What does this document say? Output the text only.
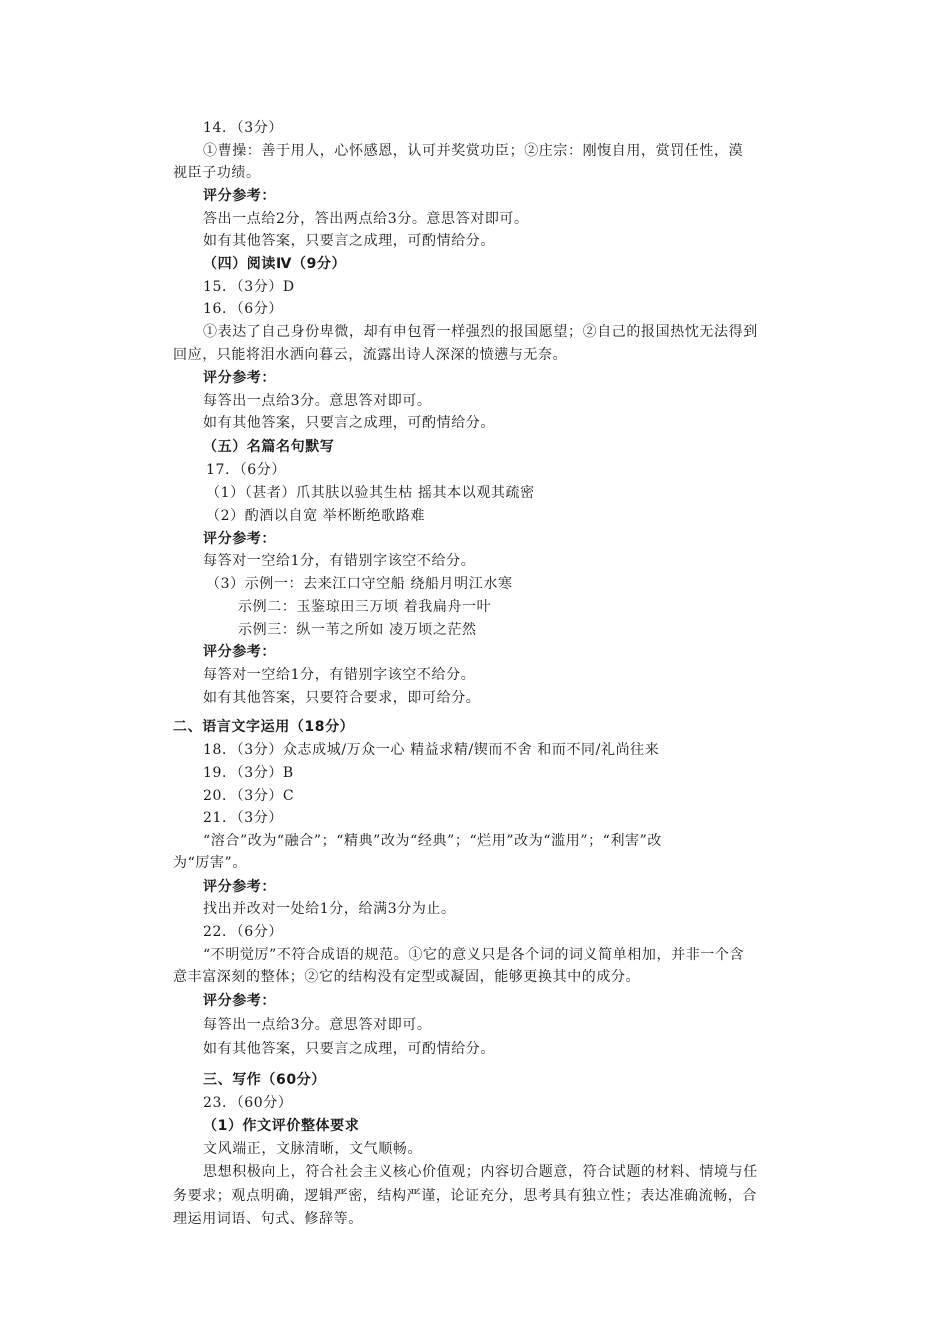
14．（3分）

①曹操：善于用人，心怀感恩，认可并奖赏功臣；②庄宗：刚愎自用，赏罚任性，漠

视臣子功绩。

评分参考：

答出一点给2分，答出两点给3分。意思答对即可。

如有其他答案，只要言之成理，可酌情给分。

（四）阅读Ⅳ（9分）

15．（3分）D

16．（6分）

①表达了自己身份卑微，却有申包胥一样强烈的报国愿望；②自己的报国热忱无法得到

回应，只能将泪水洒向暮云，流露出诗人深深的愤懑与无奈。

评分参考：

每答出一点给3分。意思答对即可。

如有其他答案，只要言之成理，可酌情给分。

（五）名篇名句默写

17．（6分）

（1）（甚者）爪其肤以验其生枯 摇其本以观其疏密

（2）酌酒以自宽 举杯断绝歌路难

评分参考：

每答对一空给1分，有错别字该空不给分。

（3）示例一：去来江口守空船 绕船月明江水寒

示例二：玉鉴琼田三万顷 着我扁舟一叶

示例三：纵一苇之所如 凌万顷之茫然

评分参考：

每答对一空给1分，有错别字该空不给分。

如有其他答案，只要符合要求，即可给分。

二、语言文字运用（18分）

18．（3分）众志成城/万众一心 精益求精/锲而不舍 和而不同/礼尚往来

19．（3分）B

20．（3分）C

21．（3分）

“溶合”改为“融合”；“精典”改为“经典”；“烂用”改为“滥用”；“利害”改

为“厉害”。

评分参考：

找出并改对一处给1分，给满3分为止。

22．（6分）

“不明觉厉”不符合成语的规范。①它的意义只是各个词的词义简单相加，并非一个含

意丰富深刻的整体；②它的结构没有定型或凝固，能够更换其中的成分。

评分参考：

每答出一点给3分。意思答对即可。

如有其他答案，只要言之成理，可酌情给分。

三、写作（60分）

23．（60分）

（1）作文评价整体要求

文风端正，文脉清晰，文气顺畅。

思想积极向上，符合社会主义核心价值观；内容切合题意，符合试题的材料、情境与任

务要求；观点明确，逻辑严密，结构严谨，论证充分，思考具有独立性；表达准确流畅，合

理运用词语、句式、修辞等。
